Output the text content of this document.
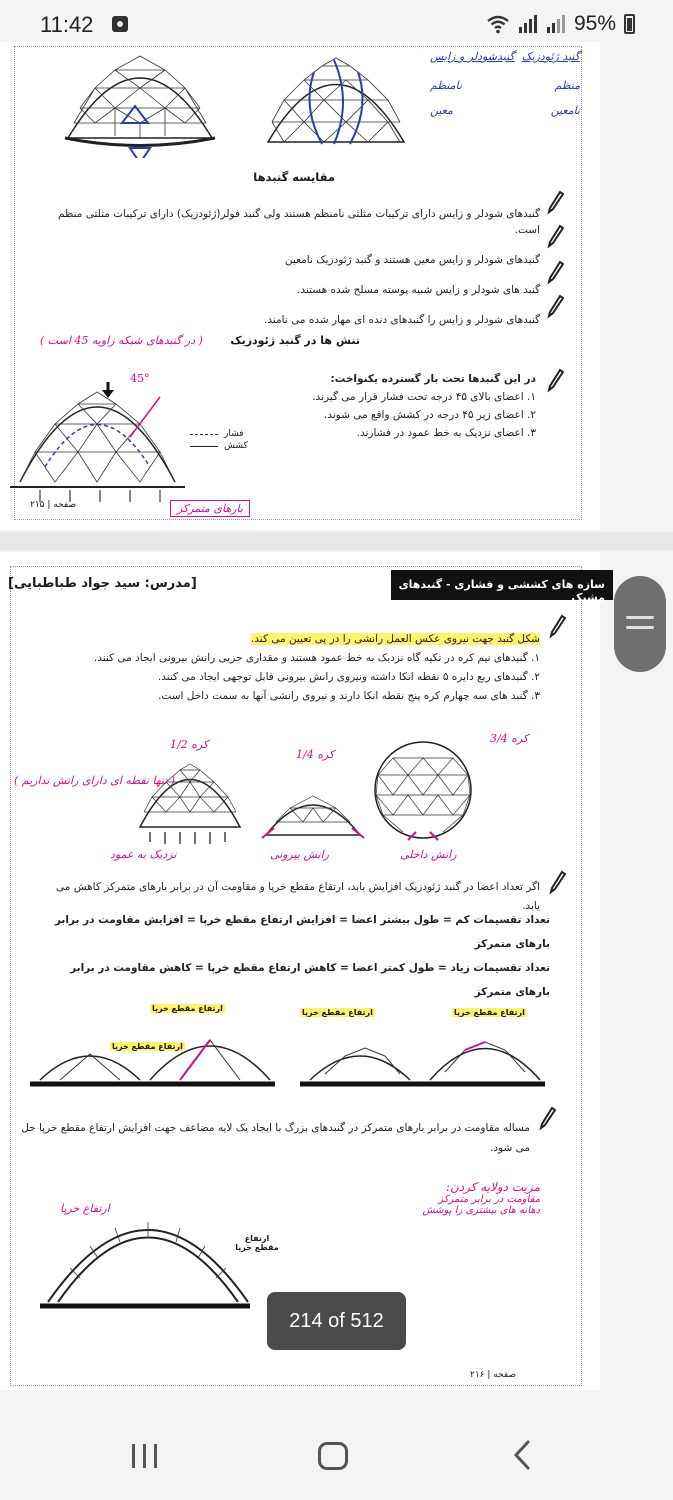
11:42	95%
گنبد ژئودزیک
گنبدشودلر و زایس
منظم
نامنظم
نامعین
معین
مقایسه گنبدها
گنبدهای شودلر و زایس دارای ترکیبات مثلثی نامنظم هستند ولی گنبد فولر(ژئودزیک) دارای ترکیبات مثلثی منظم است.
گنبدهای شودلر و زایس معین هستند و گنبد ژئودزیک نامعین
گنبد های شودلر و زایس شبیه پوسته مسلح شده هستند.
گنبدهای شودلر و زایس را گنبدهای دنده ای مهار شده می نامند.
تنش ها در گنبد ژئودزیک
در این گنبدها تحت بار گسترده یکنواخت:
۱. اعضای بالای ۴۵ درجه تحت فشار قرار می گیرند.
۲. اعضای زیر ۴۵ درجه در کشش واقع می شوند.
۳. اعضای نزدیک به خط عمود در فشارند.
45°
( در گنبدهای شبکه زاویه 45 است )
فشار
کشش
بارهای متمرکز
صفحه | ۲۱۵
سازه های کششی و فشاری - گنبدهای مشبک
[مدرس: سید جواد طباطبایی]
شکل گنبد جهت نیروی عکس العمل رانشی را در پی تعیین می کند.
۱. گنبدهای نیم کره در تکیه گاه نزدیک به خط عمود هستند و مقداری جزیی رانش بیرونی ایجاد می کنند.
۲. گنبدهای ربع دایره ۵ نقطه انکا داشته ونیروی رانش بیرونی قابل توجهی ایجاد می کنند.
۳. گنبد های سه چهارم کره پنج نقطه انکا دارند و نیروی رانشی آنها به سمت داخل است.
کره 1/2
کره 1/4
کره 3/4
نزدیک به عمود	رانش بیرونی	رانش داخلی
( تنها نقطه ای دارای رانش نداریم )
اگر تعداد اعضا در گنبد ژئودزیک افزایش یابد، ارتفاع مقطع خرپا و مقاومت آن در برابر بارهای متمرکز کاهش می یابد.
تعداد تقسیمات کم = طول بیشتر اعضا = افزایش ارتفاع مقطع خرپا = افزایش مقاومت در برابر بارهای متمرکز
تعداد تقسیمات زیاد = طول کمتر اعضا = کاهش ارتفاع مقطع خرپا = کاهش مقاومت در برابر بارهای متمرکز
ارتفاع مقطع خرپا
ارتفاع مقطع خرپا
ارتفاع مقطع خرپا	ارتفاع مقطع خرپا
مساله مقاومت در برابر بارهای متمرکز در گنبدهای بزرگ با ایجاد یک لایه مضاعف جهت افزایش ارتفاع مقطع خرپا حل می شود.
ارتفاع مقطع خرپا
ارتفاع خرپا
مزیت دولایه کردن:
مقاومت در برابر متمرکز
دهانه های بیشتری را پوشش
صفحه | ۲۱۶
214 of 512
